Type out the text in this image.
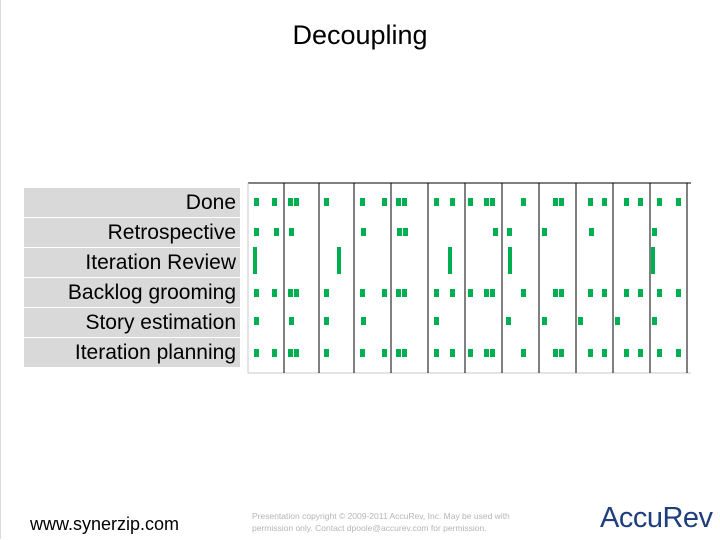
Decoupling
Done
Retrospective
Iteration Review
Backlog grooming
Story estimation
Iteration planning
www.synerzip.com	Presentation copyright © 2009-2011 AccuRev, Inc. May be used with
permission only. Contact dpoole@accurev.com for permission.	AccuRev
